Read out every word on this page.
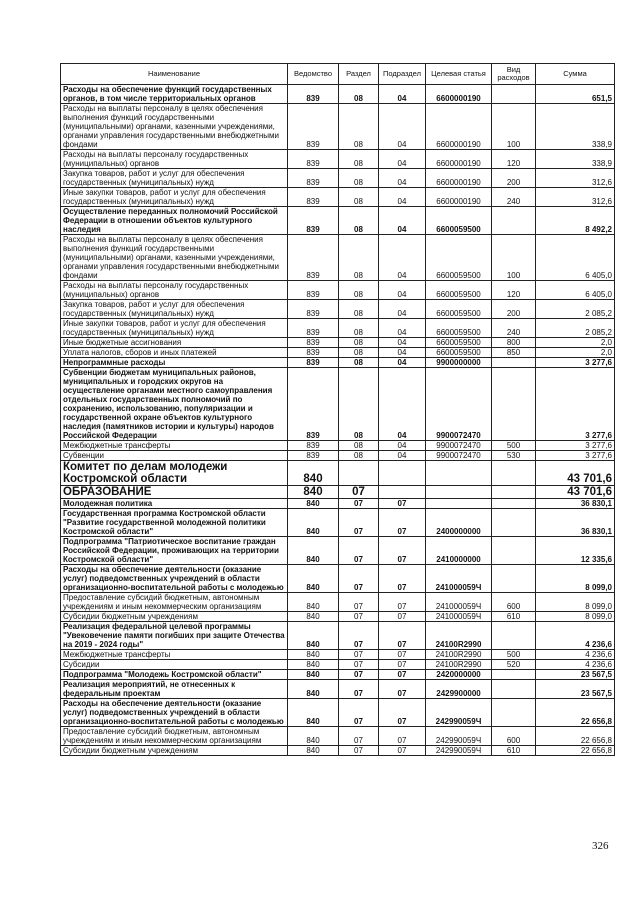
Наименование	Ведомство	Раздел	Подраздел	Целевая статья	Вид расходов	Сумма
Расходы на обеспечение функций государственных органов, в том числе территориальных органов	839	08	04	6600000190		651,5
Расходы на выплаты персоналу в целях обеспечения выполнения функций государственными (муниципальными) органами, казенными учреждениями, органами управления государственными внебюджетными фондами	839	08	04	6600000190	100	338,9
Расходы на выплаты персоналу государственных (муниципальных) органов	839	08	04	6600000190	120	338,9
Закупка товаров, работ и услуг для обеспечения государственных (муниципальных) нужд	839	08	04	6600000190	200	312,6
Иные закупки товаров, работ и услуг для обеспечения государственных (муниципальных) нужд	839	08	04	6600000190	240	312,6
Осуществление переданных полномочий Российской Федерации в отношении объектов культурного наследия	839	08	04	6600059500		8 492,2
Расходы на выплаты персоналу в целях обеспечения выполнения функций государственными (муниципальными) органами, казенными учреждениями, органами управления государственными внебюджетными фондами	839	08	04	6600059500	100	6 405,0
Расходы на выплаты персоналу государственных (муниципальных) органов	839	08	04	6600059500	120	6 405,0
Закупка товаров, работ и услуг для обеспечения государственных (муниципальных) нужд	839	08	04	6600059500	200	2 085,2
Иные закупки товаров, работ и услуг для обеспечения государственных (муниципальных) нужд	839	08	04	6600059500	240	2 085,2
Иные бюджетные ассигнования	839	08	04	6600059500	800	2,0
Уплата налогов, сборов и иных платежей	839	08	04	6600059500	850	2,0
Непрограммные расходы	839	08	04	9900000000		3 277,6
Субвенции бюджетам муниципальных районов, муниципальных и городских округов на осуществление органами местного самоуправления отдельных государственных полномочий по сохранению, использованию, популяризации и государственной охране объектов культурного наследия (памятников истории и культуры) народов Российской Федерации	839	08	04	9900072470		3 277,6
Межбюджетные трансферты	839	08	04	9900072470	500	3 277,6
Субвенции	839	08	04	9900072470	530	3 277,6
Комитет по делам молодежи Костромской области	840					43 701,6
ОБРАЗОВАНИЕ	840	07				43 701,6
Молодежная политика	840	07	07			36 830,1
Государственная программа Костромской области "Развитие государственной молодежной политики Костромской области"	840	07	07	2400000000		36 830,1
Подпрограмма "Патриотическое воспитание граждан Российской Федерации, проживающих на территории Костромской области"	840	07	07	2410000000		12 335,6
Расходы на обеспечение деятельности (оказание услуг) подведомственных учреждений в области организационно-воспитательной работы с молодежью	840	07	07	241000059Ч		8 099,0
Предоставление субсидий бюджетным, автономным учреждениям и иным некоммерческим организациям	840	07	07	241000059Ч	600	8 099,0
Субсидии бюджетным учреждениям	840	07	07	241000059Ч	610	8 099,0
Реализация федеральной целевой программы "Увековечение памяти погибших при защите Отечества на 2019 - 2024 годы"	840	07	07	24100R2990		4 236,6
Межбюджетные трансферты	840	07	07	24100R2990	500	4 236,6
Субсидии	840	07	07	24100R2990	520	4 236,6
Подпрограмма "Молодежь Костромской области"	840	07	07	2420000000		23 567,5
Реализация мероприятий, не отнесенных к федеральным проектам	840	07	07	2429900000		23 567,5
Расходы на обеспечение деятельности (оказание услуг) подведомственных учреждений в области организационно-воспитательной работы с молодежью	840	07	07	242990059Ч		22 656,8
Предоставление субсидий бюджетным, автономным учреждениям и иным некоммерческим организациям	840	07	07	242990059Ч	600	22 656,8
Субсидии бюджетным учреждениям	840	07	07	242990059Ч	610	22 656,8
326
